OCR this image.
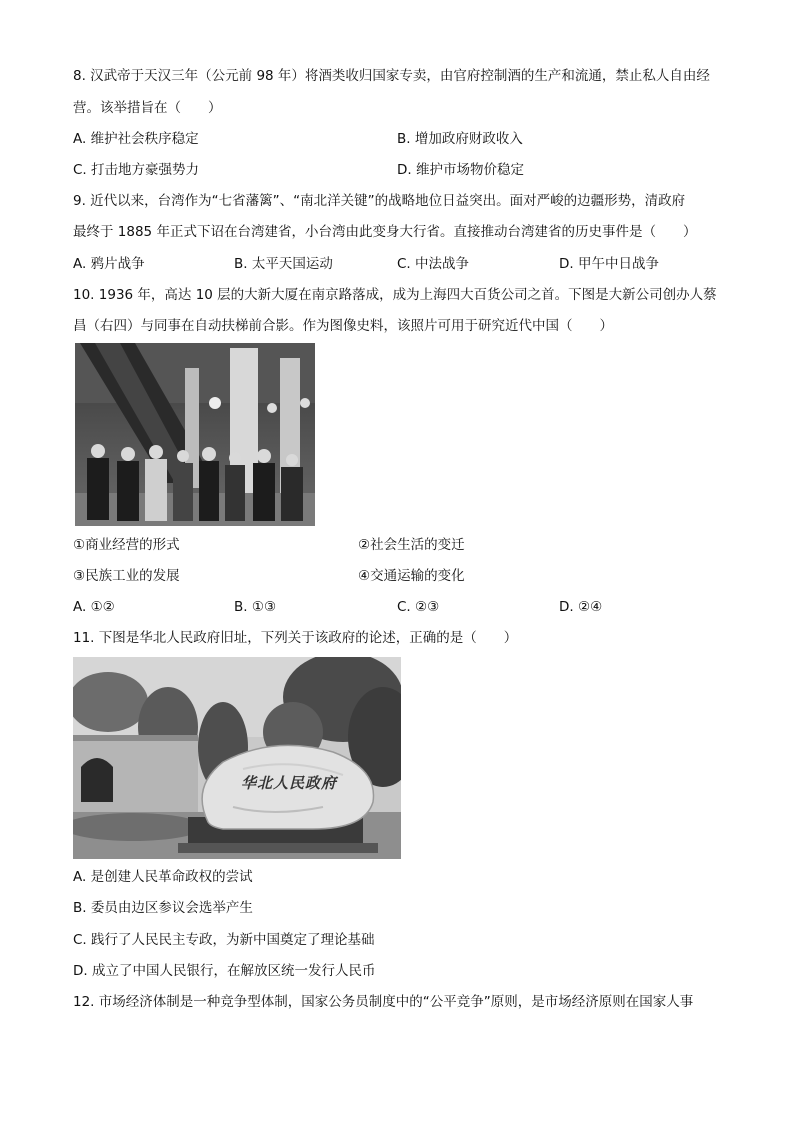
8. 汉武帝于天汉三年（公元前 98 年）将酒类收归国家专卖，由官府控制酒的生产和流通，禁止私人自由经
营。该举措旨在（　　）
A. 维护社会秩序稳定	B. 增加政府财政收入
C. 打击地方豪强势力	D. 维护市场物价稳定
9. 近代以来，台湾作为“七省藩篱”、“南北洋关键”的战略地位日益突出。面对严峻的边疆形势，清政府
最终于 1885 年正式下诏在台湾建省，小台湾由此变身大行省。直接推动台湾建省的历史事件是（　　）
A. 鸦片战争	B. 太平天国运动	C. 中法战争	D. 甲午中日战争
10. 1936 年，高达 10 层的大新大厦在南京路落成，成为上海四大百货公司之首。下图是大新公司创办人蔡
昌（右四）与同事在自动扶梯前合影。作为图像史料，该照片可用于研究近代中国（　　）
①商业经营的形式	②社会生活的变迁
③民族工业的发展	④交通运输的变化
A. ①②	B. ①③	C. ②③	D. ②④
11. 下图是华北人民政府旧址，下列关于该政府的论述，正确的是（　　）
华北人民政府
A. 是创建人民革命政权的尝试
B. 委员由边区参议会选举产生
C. 践行了人民民主专政，为新中国奠定了理论基础
D. 成立了中国人民银行，在解放区统一发行人民币
12. 市场经济体制是一种竞争型体制，国家公务员制度中的“公平竞争”原则，是市场经济原则在国家人事
